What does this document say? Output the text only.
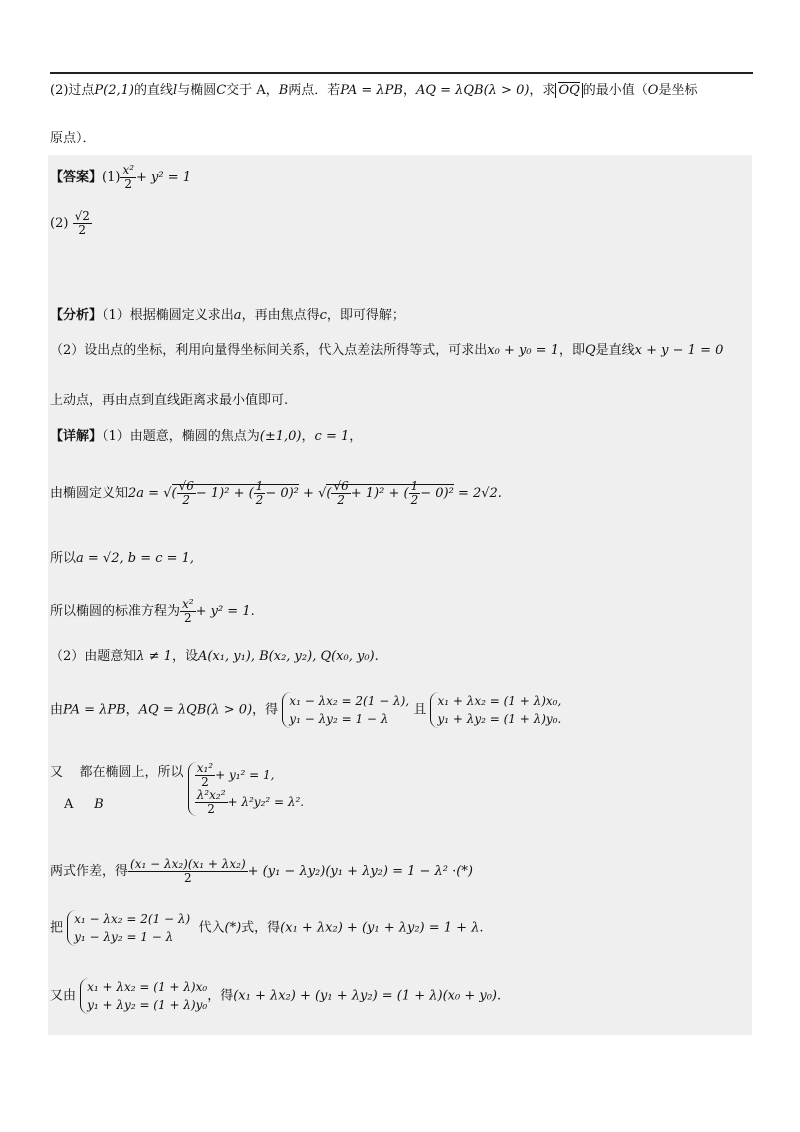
(2)过点P(2,1)的直线l与椭圆C交于 A，B两点．若PA = λPB，AQ = λQB(λ > 0)，求 OQ 的最小值（O是坐标
原点）．
【答案】$(1) \frac{\text{x²}}{2} + y^2 = 1$
$(2) \frac{√2}{2}$
【分析】（1）根据椭圆定义求出a，再由焦点得c，即可得解；
（2）设出点的坐标，利用向量得坐标间关系，代入点差法所得等式，可求出x₀ + y₀ = 1，即Q是直线x + y − 1 = 0
上动点，再由点到直线距离求最小值即可.
【详解】（1）由题意，椭圆的焦点为(±1,0)，c = 1，
由椭圆定义知2a = √( $\frac{√6}{2} - 1)^2$ + ( $\frac{1}{2} - 0)^2$ + √( $\frac{√6}{2} + 1)^2$ + ( $\frac{1}{2} - 0)^2 = 2√2$.
所以a = √2, b = c = 1,
所以椭圆的标准方程为 $\frac{\text{x²}}{2} + y^2 = 1$.
（2）由题意知λ ≠ 1，设A(x₁, y₁), B(x₂, y₂), Q(x₀, y₀).
由PA = λPB，AQ = λQB(λ > 0)，得
x₁ − λx₂ = 2(1 − λ),
y₁ − λy₂ = 1 − λ
且
x₁ + λx₂ = (1 + λ)x₀,
y₁ + λy₂ = (1 + λ)y₀.
又 都在椭圆上，所以
A B

$\frac{\text{x₁²}}{2} + y_1^2 = 1$,
$\frac{\text{λ²x₂²}}{2} + \lambda^2y_2^2 = \lambda^2$.
两式作差，得 $\frac{\text{(x₁ − λx₂)(x₁ + λx₂)}}{2} + (y_1 - \lambda y_2)(y_1 + \lambda y_2) = 1 - \lambda^2$ ·(*)
把
x₁ − λx₂ = 2(1 − λ)
y₁ − λy₂ = 1 − λ
代入(*)式，得(x₁ + λx₂) + (y₁ + λy₂) = 1 + λ.
又由
x₁ + λx₂ = (1 + λ)x₀
y₁ + λy₂ = (1 + λ)y₀
，得(x₁ + λx₂) + (y₁ + λy₂) = (1 + λ)(x₀ + y₀).
